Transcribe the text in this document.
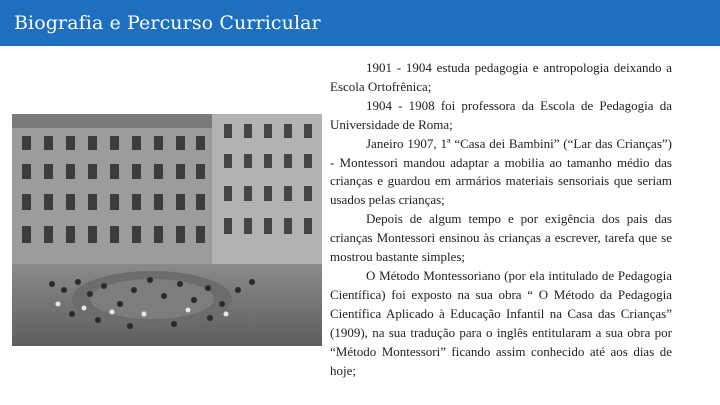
Biografia e Percurso Curricular

1901 - 1904 estuda pedagogia e antropologia deixando a Escola Ortofrênica;

1904 - 1908 foi professora da Escola de Pedagogia da Universidade de Roma;

Janeiro 1907, 1ª “Casa dei Bambini” (“Lar das Crianças”) - Montessori mandou adaptar a mobilia ao tamanho médio das crianças e guardou em armários materiais sensoriais que seriam usados pelas crianças;

Depois de algum tempo e por exigência dos pais das crianças Montessori ensinou às crianças a escrever, tarefa que se mostrou bastante simples;

O Método Montessoriano (por ela intitulado de Pedagogia Científica) foi exposto na sua obra “ O Método da Pedagogia Científica Aplicado à Educação Infantil na Casa das Crianças” (1909), na sua tradução para o inglês entitularam a sua obra por “Método Montessori” ficando assim conhecido até aos dias de hoje;
